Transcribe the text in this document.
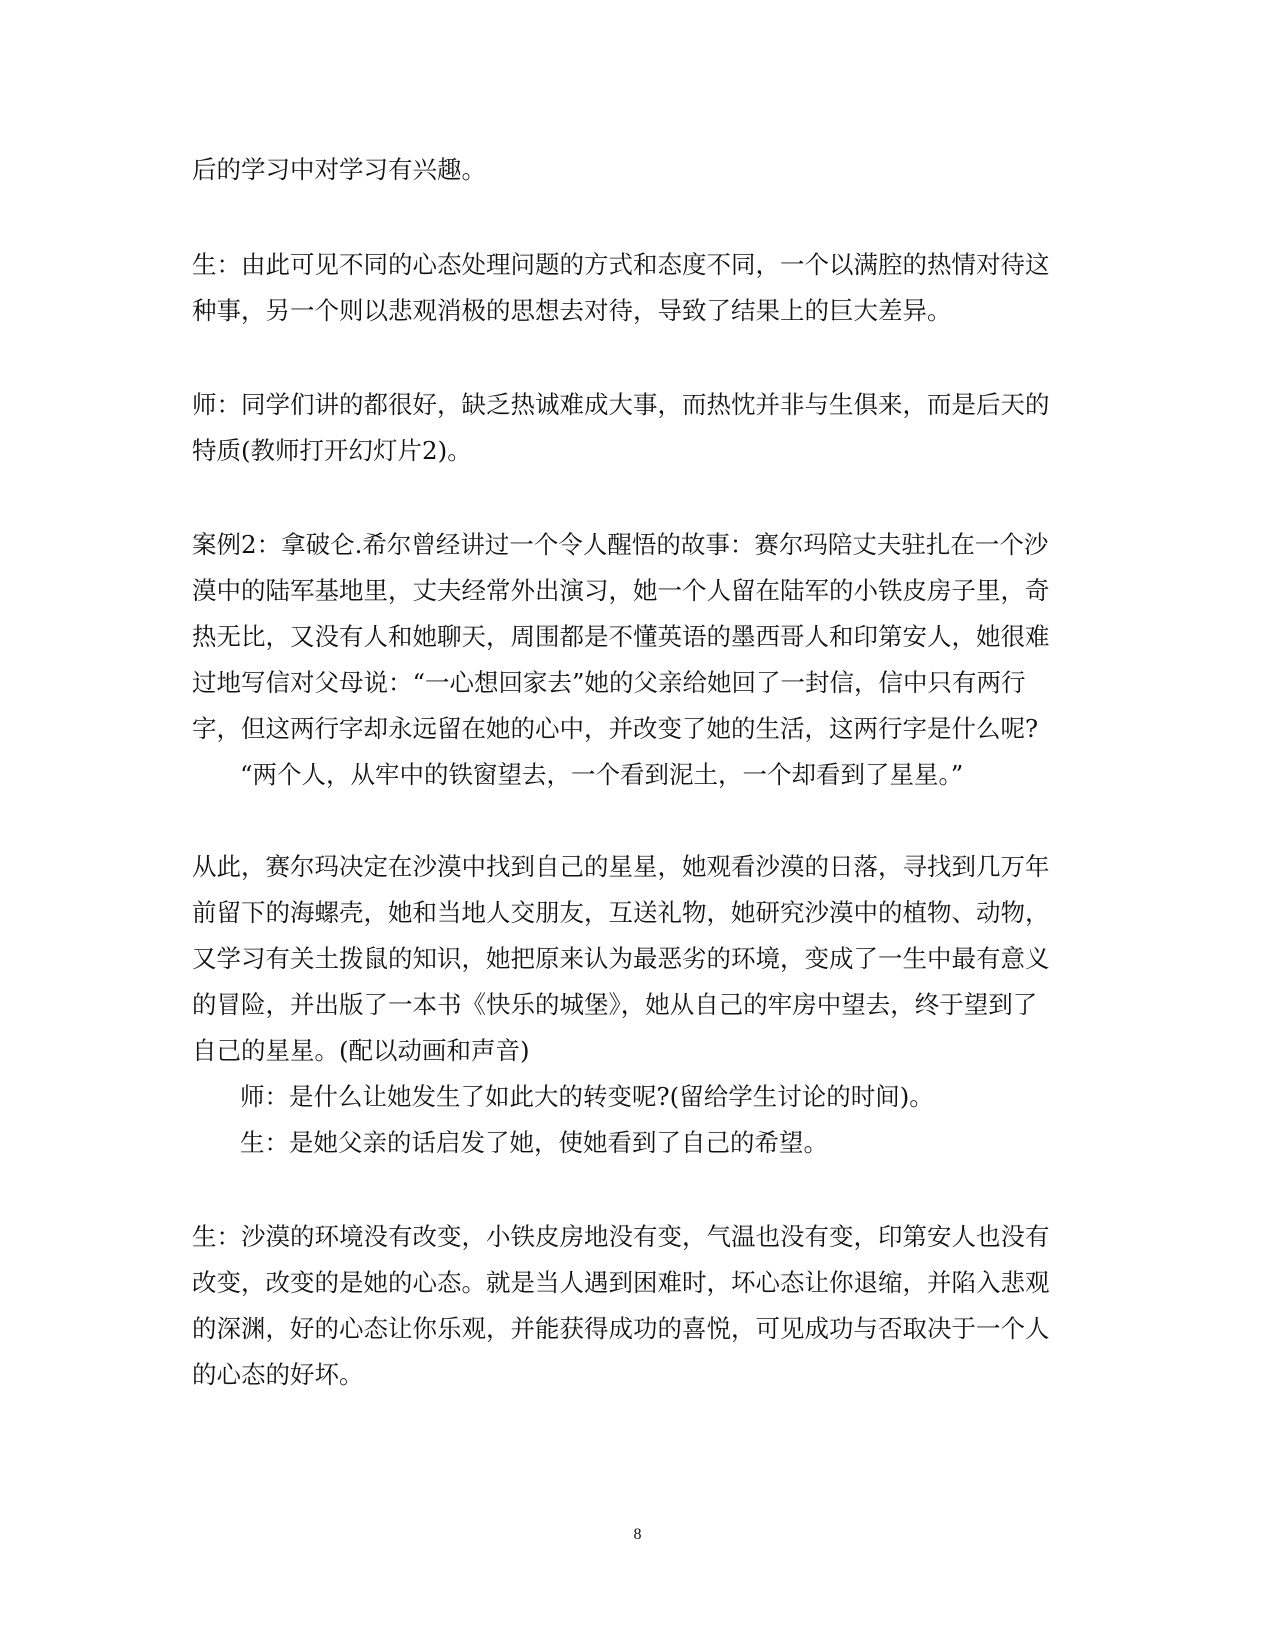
后的学习中对学习有兴趣。
生：由此可见不同的心态处理问题的方式和态度不同，一个以满腔的热情对待这
种事，另一个则以悲观消极的思想去对待，导致了结果上的巨大差异。
师：同学们讲的都很好，缺乏热诚难成大事，而热忱并非与生俱来，而是后天的
特质(教师打开幻灯片2)。
案例2：拿破仑.希尔曾经讲过一个令人醒悟的故事：赛尔玛陪丈夫驻扎在一个沙
漠中的陆军基地里，丈夫经常外出演习，她一个人留在陆军的小铁皮房子里，奇
热无比，又没有人和她聊天，周围都是不懂英语的墨西哥人和印第安人，她很难
过地写信对父母说：“一心想回家去”她的父亲给她回了一封信，信中只有两行
字，但这两行字却永远留在她的心中，并改变了她的生活，这两行字是什么呢?
“两个人，从牢中的铁窗望去，一个看到泥土，一个却看到了星星。”
从此，赛尔玛决定在沙漠中找到自己的星星，她观看沙漠的日落，寻找到几万年
前留下的海螺壳，她和当地人交朋友，互送礼物，她研究沙漠中的植物、动物，
又学习有关土拨鼠的知识，她把原来认为最恶劣的环境，变成了一生中最有意义
的冒险，并出版了一本书《快乐的城堡》，她从自己的牢房中望去，终于望到了
自己的星星。(配以动画和声音)
师：是什么让她发生了如此大的转变呢?(留给学生讨论的时间)。
生：是她父亲的话启发了她，使她看到了自己的希望。
生：沙漠的环境没有改变，小铁皮房地没有变，气温也没有变，印第安人也没有
改变，改变的是她的心态。就是当人遇到困难时，坏心态让你退缩，并陷入悲观
的深渊，好的心态让你乐观，并能获得成功的喜悦，可见成功与否取决于一个人
的心态的好坏。
8
